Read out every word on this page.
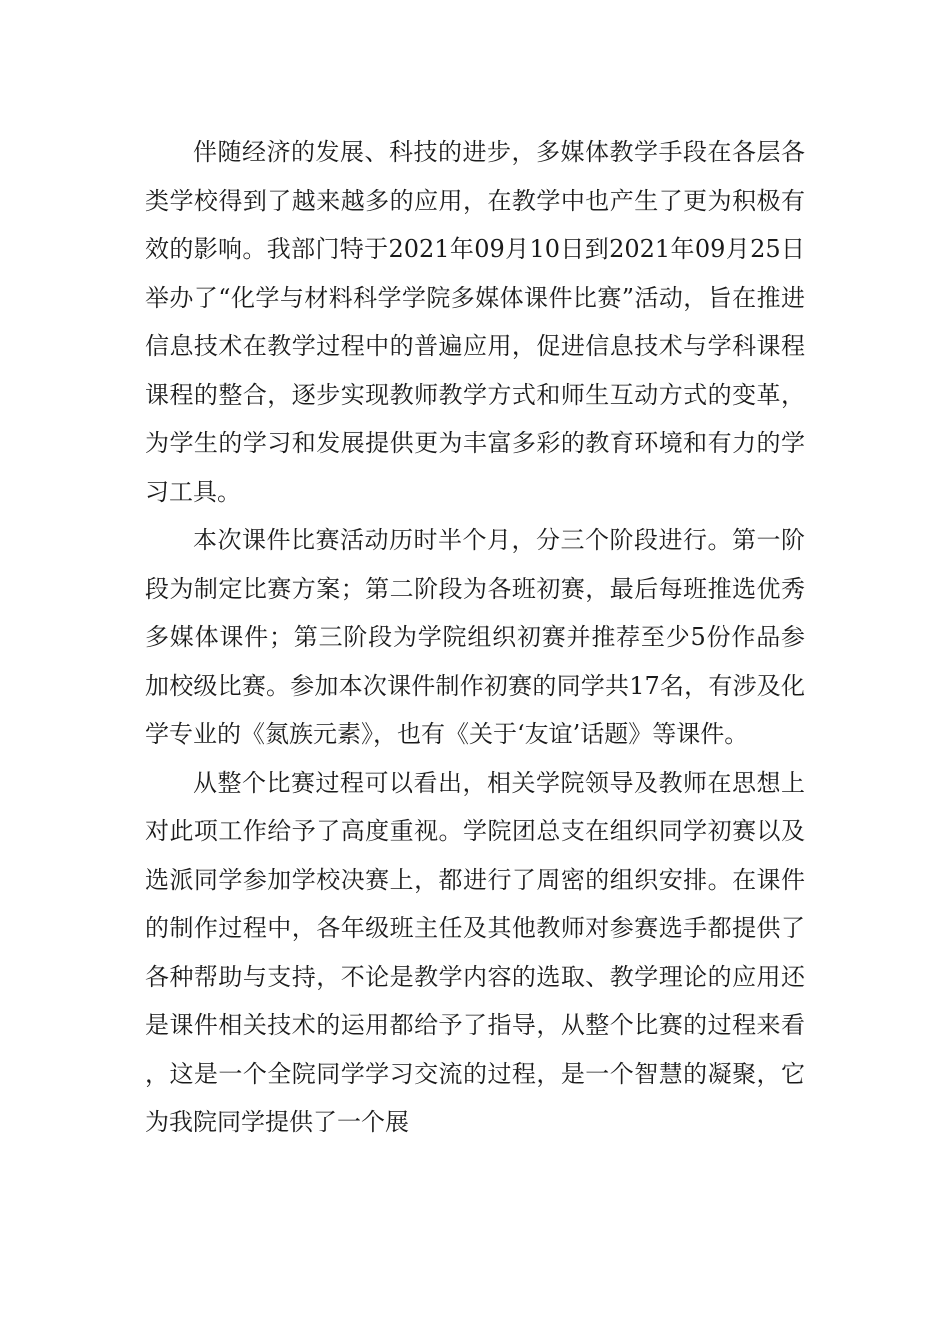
伴随经济的发展、科技的进步，多媒体教学手段在各层各类学校得到了越来越多的应用，在教学中也产生了更为积极有效的影响。我部门特于2021年09月10日到2021年09月25日举办了“化学与材料科学学院多媒体课件比赛”活动，旨在推进信息技术在教学过程中的普遍应用，促进信息技术与学科课程课程的整合，逐步实现教师教学方式和师生互动方式的变革，为学生的学习和发展提供更为丰富多彩的教育环境和有力的学习工具。

本次课件比赛活动历时半个月，分三个阶段进行。第一阶段为制定比赛方案；第二阶段为各班初赛，最后每班推选优秀多媒体课件；第三阶段为学院组织初赛并推荐至少5份作品参加校级比赛。参加本次课件制作初赛的同学共17名，有涉及化学专业的《氮族元素》，也有《关于‘友谊’话题》等课件。

从整个比赛过程可以看出，相关学院领导及教师在思想上对此项工作给予了高度重视。学院团总支在组织同学初赛以及选派同学参加学校决赛上，都进行了周密的组织安排。在课件的制作过程中，各年级班主任及其他教师对参赛选手都提供了各种帮助与支持，不论是教学内容的选取、教学理论的应用还是课件相关技术的运用都给予了指导，从整个比赛的过程来看，这是一个全院同学学习交流的过程，是一个智慧的凝聚，它为我院同学提供了一个展
